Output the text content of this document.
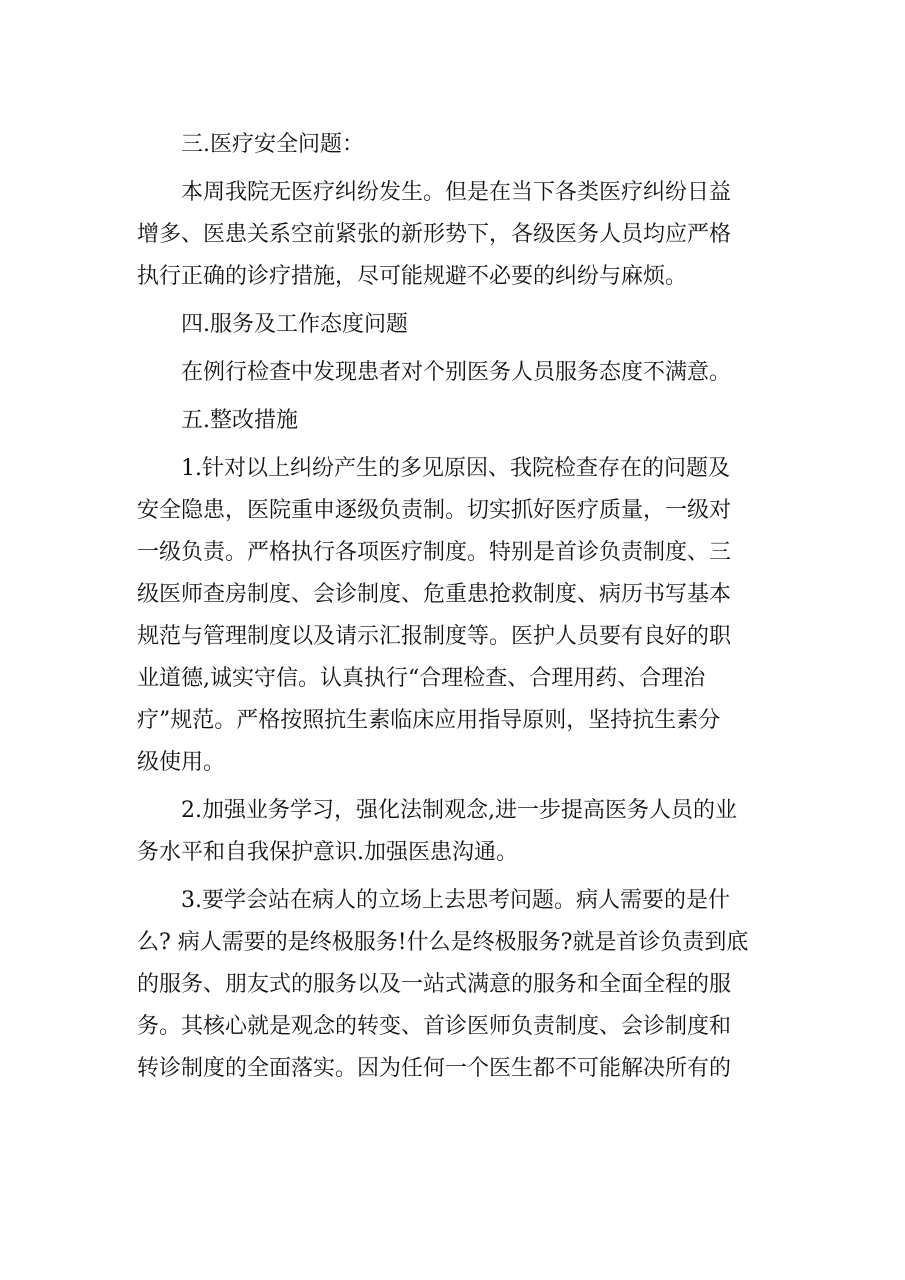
三.医疗安全问题：

本周我院无医疗纠纷发生。但是在当下各类医疗纠纷日益
增多、医患关系空前紧张的新形势下，各级医务人员均应严格
执行正确的诊疗措施，尽可能规避不必要的纠纷与麻烦。

四.服务及工作态度问题

在例行检查中发现患者对个别医务人员服务态度不满意。

五.整改措施

1.针对以上纠纷产生的多见原因、我院检查存在的问题及
安全隐患，医院重申逐级负责制。切实抓好医疗质量，一级对
一级负责。严格执行各项医疗制度。特别是首诊负责制度、三
级医师查房制度、会诊制度、危重患抢救制度、病历书写基本
规范与管理制度以及请示汇报制度等。医护人员要有良好的职
业道德,诚实守信。认真执行“合理检查、合理用药、合理治
疗”规范。严格按照抗生素临床应用指导原则，坚持抗生素分
级使用。

2.加强业务学习，强化法制观念,进一步提高医务人员的业
务水平和自我保护意识.加强医患沟通。

3.要学会站在病人的立场上去思考问题。病人需要的是什
么? 病人需要的是终极服务!什么是终极服务?就是首诊负责到底
的服务、朋友式的服务以及一站式满意的服务和全面全程的服
务。其核心就是观念的转变、首诊医师负责制度、会诊制度和
转诊制度的全面落实。因为任何一个医生都不可能解决所有的
